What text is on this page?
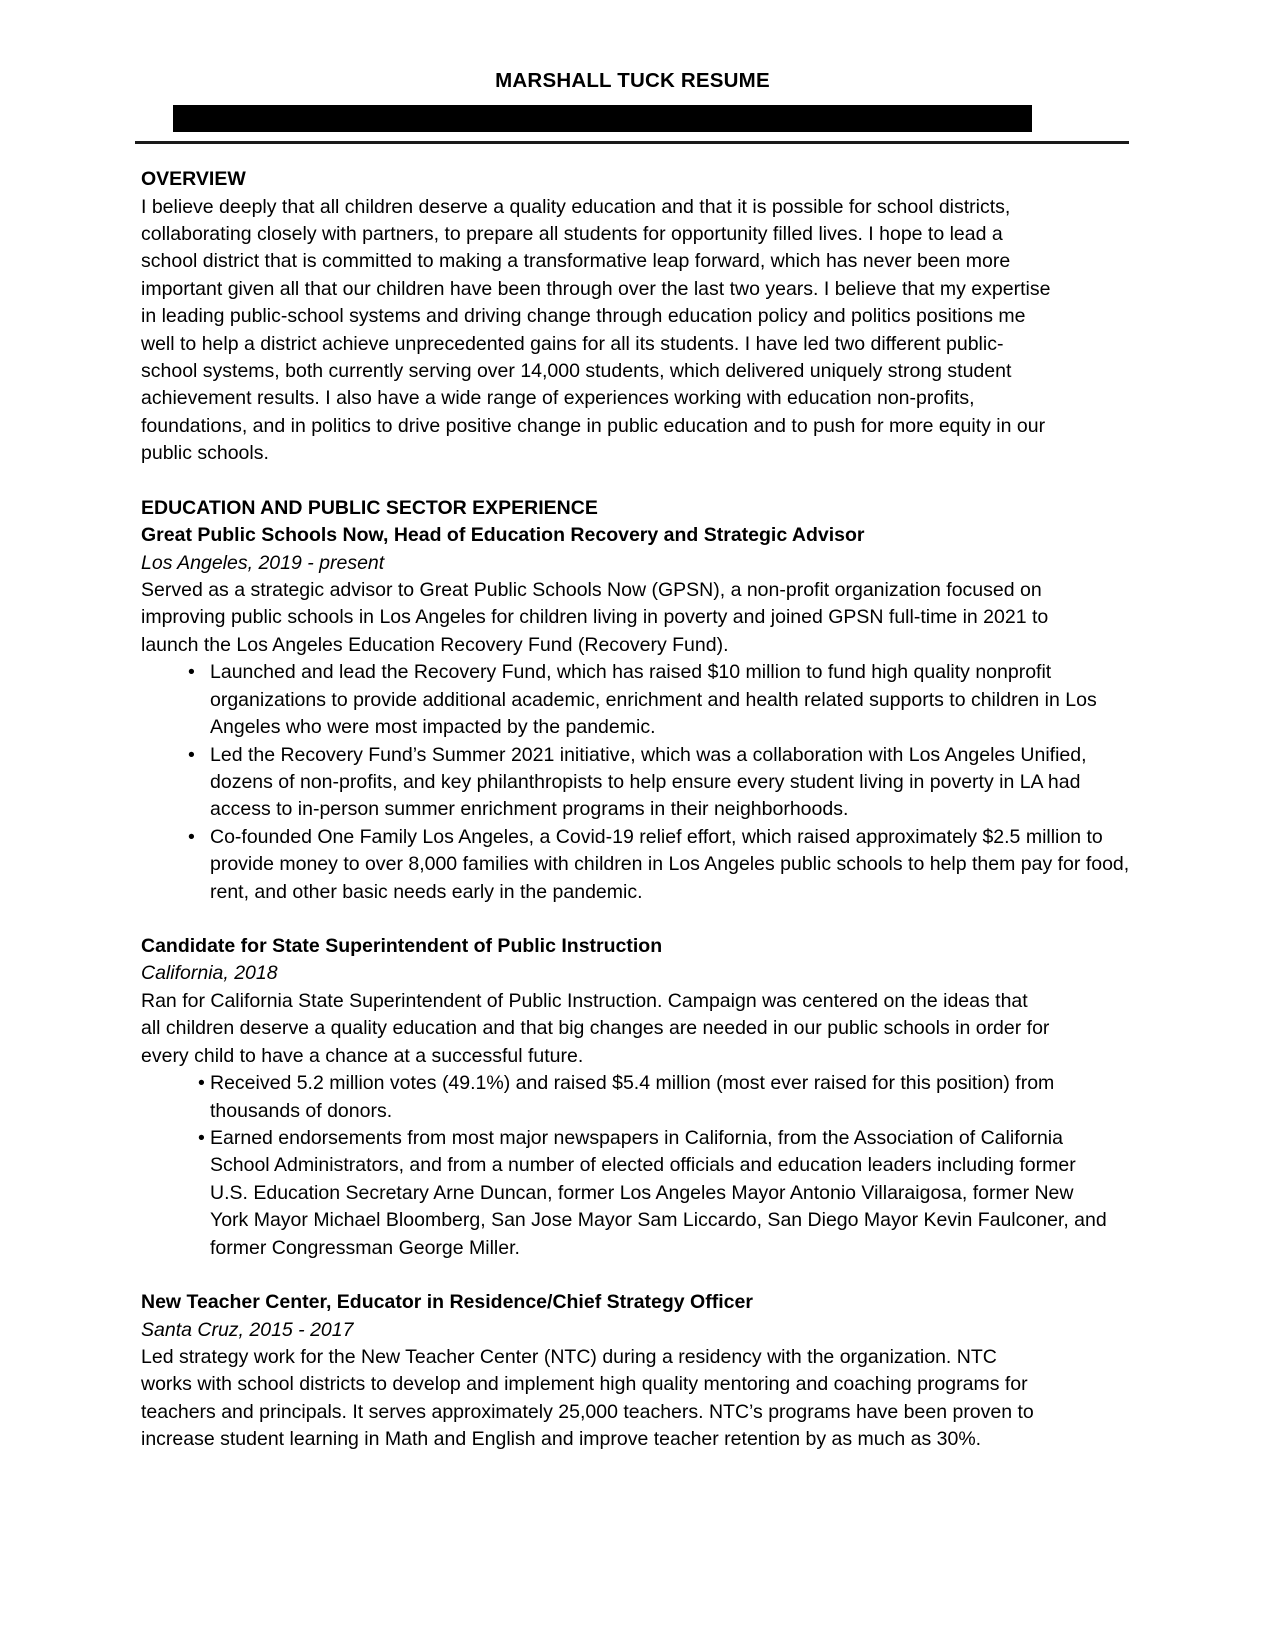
MARSHALL TUCK RESUME
OVERVIEW

I believe deeply that all children deserve a quality education and that it is possible for school districts, collaborating closely with partners, to prepare all students for opportunity filled lives. I hope to lead a school district that is committed to making a transformative leap forward, which has never been more important given all that our children have been through over the last two years. I believe that my expertise in leading public-school systems and driving change through education policy and politics positions me well to help a district achieve unprecedented gains for all its students. I have led two different public-school systems, both currently serving over 14,000 students, which delivered uniquely strong student achievement results. I also have a wide range of experiences working with education non-profits, foundations, and in politics to drive positive change in public education and to push for more equity in our public schools.

EDUCATION AND PUBLIC SECTOR EXPERIENCE
Great Public Schools Now, Head of Education Recovery and Strategic Advisor
Los Angeles, 2019 - present

Served as a strategic advisor to Great Public Schools Now (GPSN), a non-profit organization focused on improving public schools in Los Angeles for children living in poverty and joined GPSN full-time in 2021 to launch the Los Angeles Education Recovery Fund (Recovery Fund).

• Launched and lead the Recovery Fund, which has raised $10 million to fund high quality nonprofit organizations to provide additional academic, enrichment and health related supports to children in Los Angeles who were most impacted by the pandemic.
• Led the Recovery Fund’s Summer 2021 initiative, which was a collaboration with Los Angeles Unified, dozens of non-profits, and key philanthropists to help ensure every student living in poverty in LA had access to in-person summer enrichment programs in their neighborhoods.
• Co-founded One Family Los Angeles, a Covid-19 relief effort, which raised approximately $2.5 million to provide money to over 8,000 families with children in Los Angeles public schools to help them pay for food, rent, and other basic needs early in the pandemic.
Candidate for State Superintendent of Public Instruction
California, 2018

Ran for California State Superintendent of Public Instruction. Campaign was centered on the ideas that all children deserve a quality education and that big changes are needed in our public schools in order for every child to have a chance at a successful future.

• Received 5.2 million votes (49.1%) and raised $5.4 million (most ever raised for this position) from thousands of donors.
• Earned endorsements from most major newspapers in California, from the Association of California School Administrators, and from a number of elected officials and education leaders including former U.S. Education Secretary Arne Duncan, former Los Angeles Mayor Antonio Villaraigosa, former New York Mayor Michael Bloomberg, San Jose Mayor Sam Liccardo, San Diego Mayor Kevin Faulconer, and former Congressman George Miller.
New Teacher Center, Educator in Residence/Chief Strategy Officer
Santa Cruz, 2015 - 2017

Led strategy work for the New Teacher Center (NTC) during a residency with the organization. NTC works with school districts to develop and implement high quality mentoring and coaching programs for teachers and principals. It serves approximately 25,000 teachers. NTC’s programs have been proven to increase student learning in Math and English and improve teacher retention by as much as 30%.
